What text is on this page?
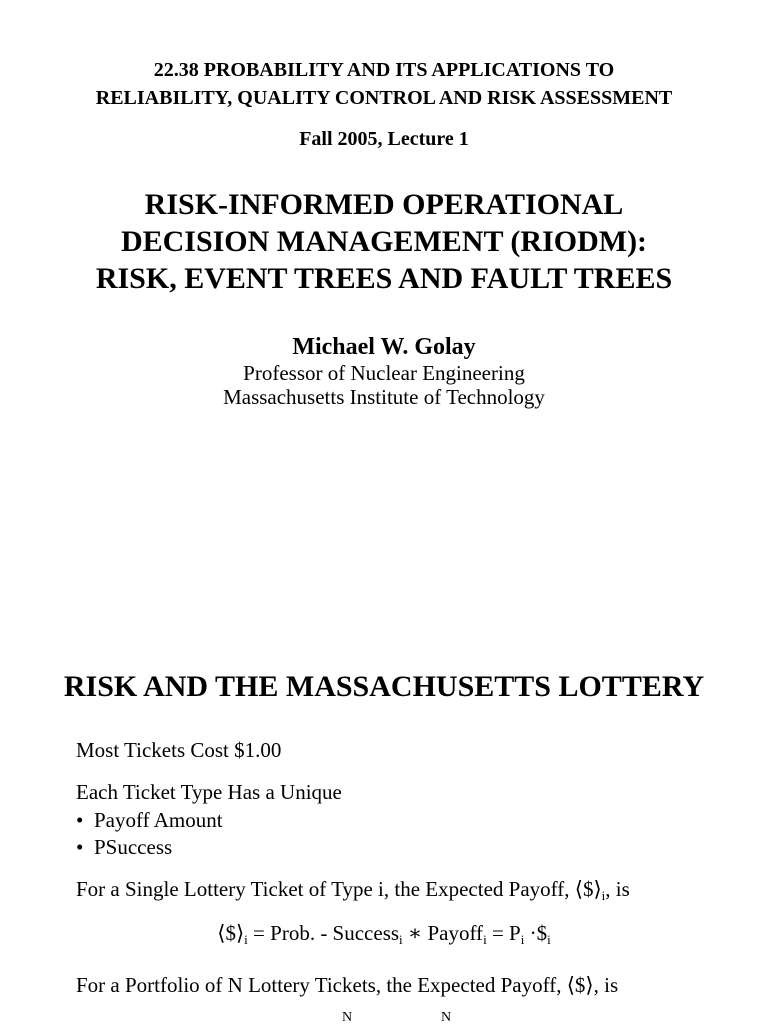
22.38 PROBABILITY AND ITS APPLICATIONS TO
RELIABILITY, QUALITY CONTROL AND RISK ASSESSMENT
Fall 2005, Lecture 1
RISK-INFORMED OPERATIONAL
DECISION MANAGEMENT (RIODM):
RISK, EVENT TREES AND FAULT TREES
Michael W. Golay
Professor of Nuclear Engineering
Massachusetts Institute of Technology
RISK AND THE MASSACHUSETTS LOTTERY
Most Tickets Cost $1.00
Each Ticket Type Has a Unique
• Payoff Amount
• PSuccess
For a Single Lottery Ticket of Type i, the Expected Payoff, $⟨\$⟩_i$, is
$⟨\$⟩_i$ = Prob. - Success$_i$ ∗ Payoff$_i$ = $P_i$ $\cdot\$_i$
For a Portfolio of N Lottery Tickets, the Expected Payoff, ⟨$⟩, is
N	N
